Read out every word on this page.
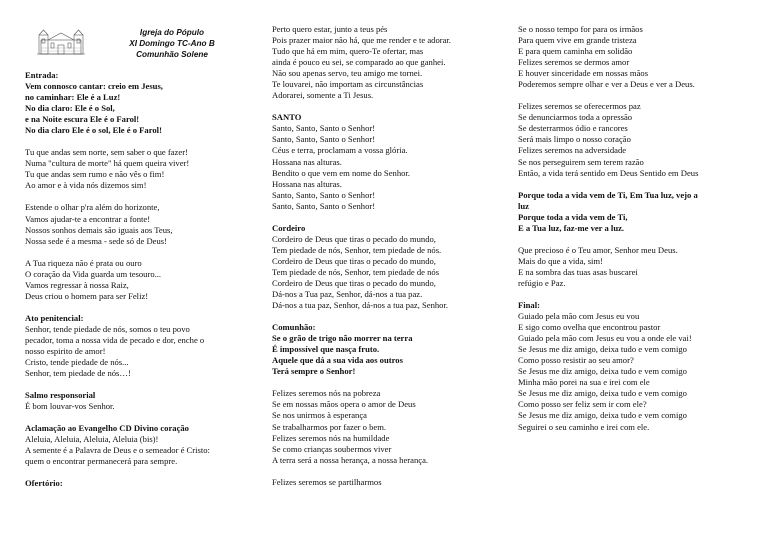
Igreja do Pópulo
XI Domingo TC-Ano B
Comunhão Solene
Entrada:
Vem connosco cantar: creio em Jesus,
no caminhar: Ele é a Luz!
No dia claro: Ele é o Sol,
e na Noite escura Ele é o Farol!
No dia claro Ele é o sol, Ele é o Farol!
Tu que andas sem norte, sem saber o que fazer!
Numa "cultura de morte" há quem queira viver!
Tu que andas sem rumo e não vês o fim!
Ao amor e à vida nós dizemos sim!
Estende o olhar p'ra além do horizonte,
Vamos ajudar-te a encontrar a fonte!
Nossos sonhos demais são iguais aos Teus,
Nossa sede é a mesma - sede só de Deus!
A Tua riqueza não é prata ou ouro
O coração da Vida guarda um tesouro...
Vamos regressar à nossa Raiz,
Deus criou o homem para ser Feliz!
Ato penitencial:
Senhor, tende piedade de nós, somos o teu povo
pecador, toma a nossa vida de pecado e dor, enche o
nosso espirito de amor!
Cristo, tende piedade de nós...
Senhor, tem piedade de nós…!
Salmo responsorial
É bom louvar-vos Senhor.
Aclamação ao Evangelho CD Divino coração
Aleluia, Aleluia, Aleluia, Aleluia (bis)!
A semente é a Palavra de Deus e o semeador é Cristo:
quem o encontrar permanecerá para sempre.
Ofertório:
Perto quero estar, junto a teus pés
Pois prazer maior não há, que me render e te adorar.
Tudo que há em mim, quero-Te ofertar, mas
ainda é pouco eu sei, se comparado ao que ganhei.
Não sou apenas servo, teu amigo me tornei.
Te louvarei, não importam as circunstâncias
Adorarei, somente a Ti Jesus.
SANTO
Santo, Santo, Santo o Senhor!
Santo, Santo, Santo o Senhor!
Céus e terra, proclamam a vossa glória.
Hossana nas alturas.
Bendito o que vem em nome do Senhor.
Hossana nas alturas.
Santo, Santo, Santo o Senhor!
Santo, Santo, Santo o Senhor!
Cordeiro
Cordeiro de Deus que tiras o pecado do mundo,
Tem piedade de nós, Senhor, tem piedade de nós.
Cordeiro de Deus que tiras o pecado do mundo,
Tem piedade de nós, Senhor, tem piedade de nós
Cordeiro de Deus que tiras o pecado do mundo,
Dá-nos a Tua paz, Senhor, dá-nos a tua paz.
Dá-nos a tua paz, Senhor, dá-nos a tua paz, Senhor.
Comunhão:
Se o grão de trigo não morrer na terra
É impossível que nasça fruto.
Aquele que dá a sua vida aos outros
Terá sempre o Senhor!
Felizes seremos nós na pobreza
Se em nossas mãos opera o amor de Deus
Se nos unirmos à esperança
Se trabalharmos por fazer o bem.
Felizes seremos nós na humildade
Se como crianças soubermos viver
A terra será a nossa herança, a nossa herança.
Felizes seremos se partilharmos
Se o nosso tempo for para os irmãos
Para quem vive em grande tristeza
E para quem caminha em solidão
Felizes seremos se dermos amor
E houver sinceridade em nossas mãos
Poderemos sempre olhar e ver a Deus e ver a Deus.
Felizes seremos se oferecermos paz
Se denunciarmos toda a opressão
Se desterrarmos ódio e rancores
Será mais limpo o nosso coração
Felizes seremos na adversidade
Se nos perseguirem sem terem razão
Então, a vida terá sentido em Deus Sentido em Deus
Porque toda a vida vem de Ti, Em Tua luz, vejo a
luz
Porque toda a vida vem de Ti,
E a Tua luz, faz-me ver a luz.
Que precioso é o Teu amor, Senhor meu Deus.
Mais do que a vida, sim!
E na sombra das tuas asas buscarei
refúgio e Paz.
Final:
Guiado pela mão com Jesus eu vou
E sigo como ovelha que encontrou pastor
Guiado pela mão com Jesus eu vou a onde ele vai!
Se Jesus me diz amigo, deixa tudo e vem comigo
Como posso resistir ao seu amor?
Se Jesus me diz amigo, deixa tudo e vem comigo
Minha mão porei na sua e irei com ele
Se Jesus me diz amigo, deixa tudo e vem comigo
Como posso ser feliz sem ir com ele?
Se Jesus me diz amigo, deixa tudo e vem comigo
Seguirei o seu caminho e irei com ele.
